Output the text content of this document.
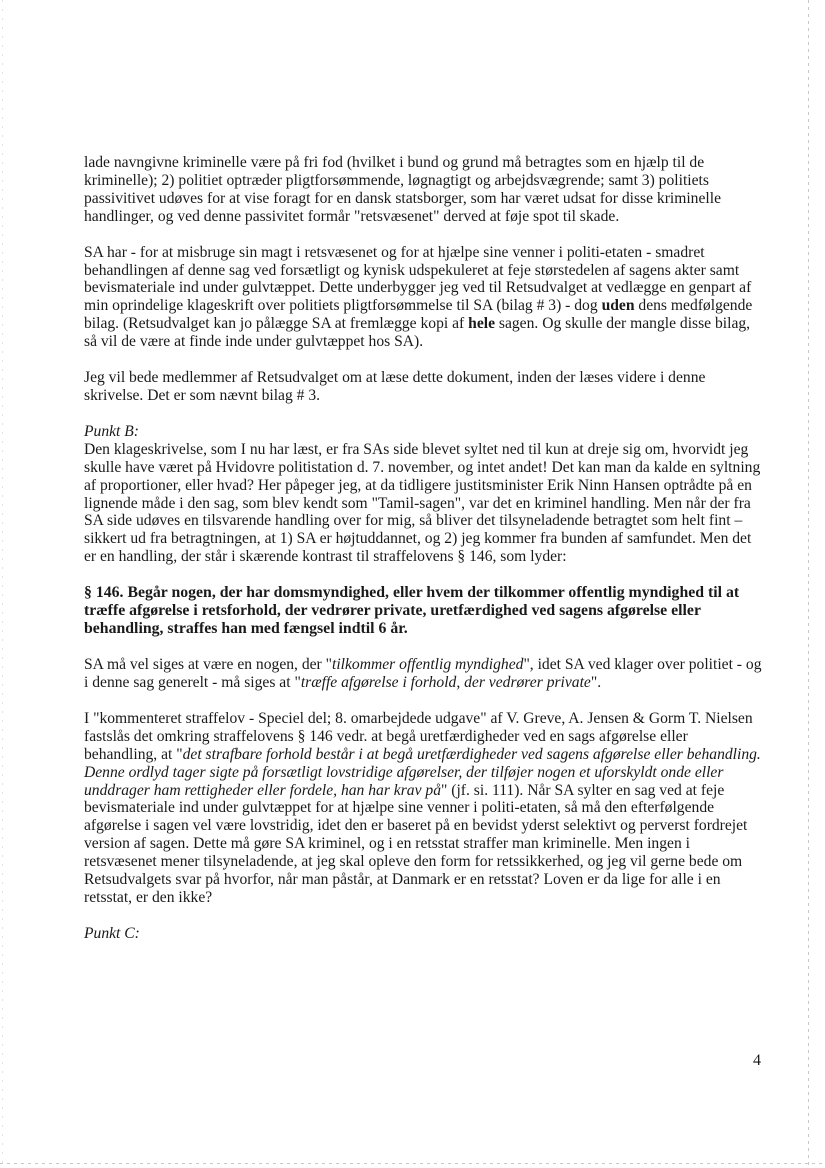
lade navngivne kriminelle være på fri fod (hvilket i bund og grund må betragtes som en hjælp til de kriminelle); 2) politiet optræder pligtforsømmende, løgnagtigt og arbejdsvægrende; samt 3) politiets passivitivet udøves for at vise foragt for en dansk statsborger, som har været udsat for disse kriminelle handlinger, og ved denne passivitet formår "retsvæsenet" derved at føje spot til skade.

SA har - for at misbruge sin magt i retsvæsenet og for at hjælpe sine venner i politi-etaten - smadret behandlingen af denne sag ved forsætligt og kynisk udspekuleret at feje størstedelen af sagens akter samt bevismateriale ind under gulvtæppet. Dette underbygger jeg ved til Retsudvalget at vedlægge en genpart af min oprindelige klageskrift over politiets pligtforsømmelse til SA (bilag # 3) - dog uden dens medfølgende bilag. (Retsudvalget kan jo pålægge SA at fremlægge kopi af hele sagen. Og skulle der mangle disse bilag, så vil de være at finde inde under gulvtæppet hos SA).

Jeg vil bede medlemmer af Retsudvalget om at læse dette dokument, inden der læses videre i denne skrivelse. Det er som nævnt bilag # 3.

Punkt B:

Den klageskrivelse, som I nu har læst, er fra SAs side blevet syltet ned til kun at dreje sig om, hvorvidt jeg skulle have været på Hvidovre politistation d. 7. november, og intet andet! Det kan man da kalde en syltning af proportioner, eller hvad? Her påpeger jeg, at da tidligere justitsminister Erik Ninn Hansen optrådte på en lignende måde i den sag, som blev kendt som "Tamil-sagen", var det en kriminel handling. Men når der fra SA side udøves en tilsvarende handling over for mig, så bliver det tilsyneladende betragtet som helt fint – sikkert ud fra betragtningen, at 1) SA er højtuddannet, og 2) jeg kommer fra bunden af samfundet. Men det er en handling, der står i skærende kontrast til straffelovens § 146, som lyder:

§ 146. Begår nogen, der har domsmyndighed, eller hvem der tilkommer offentlig myndighed til at træffe afgørelse i retsforhold, der vedrører private, uretfærdighed ved sagens afgørelse eller behandling, straffes han med fængsel indtil 6 år.

SA må vel siges at være en nogen, der "tilkommer offentlig myndighed", idet SA ved klager over politiet - og i denne sag generelt - må siges at "træffe afgørelse i forhold, der vedrører private".

I "kommenteret straffelov - Speciel del; 8. omarbejdede udgave" af V. Greve, A. Jensen & Gorm T. Nielsen fastslås det omkring straffelovens § 146 vedr. at begå uretfærdigheder ved en sags afgørelse eller behandling, at "det strafbare forhold består i at begå uretfærdigheder ved sagens afgørelse eller behandling. Denne ordlyd tager sigte på forsætligt lovstridige afgørelser, der tilføjer nogen et uforskyldt onde eller unddrager ham rettigheder eller fordele, han har krav på" (jf. si. 111). Når SA sylter en sag ved at feje bevismateriale ind under gulvtæppet for at hjælpe sine venner i politi-etaten, så må den efterfølgende afgørelse i sagen vel være lovstridig, idet den er baseret på en bevidst yderst selektivt og perverst fordrejet version af sagen. Dette må gøre SA kriminel, og i en retsstat straffer man kriminelle. Men ingen i retsvæsenet mener tilsyneladende, at jeg skal opleve den form for retssikkerhed, og jeg vil gerne bede om Retsudvalgets svar på hvorfor, når man påstår, at Danmark er en retsstat? Loven er da lige for alle i en retsstat, er den ikke?

Punkt C:

4
